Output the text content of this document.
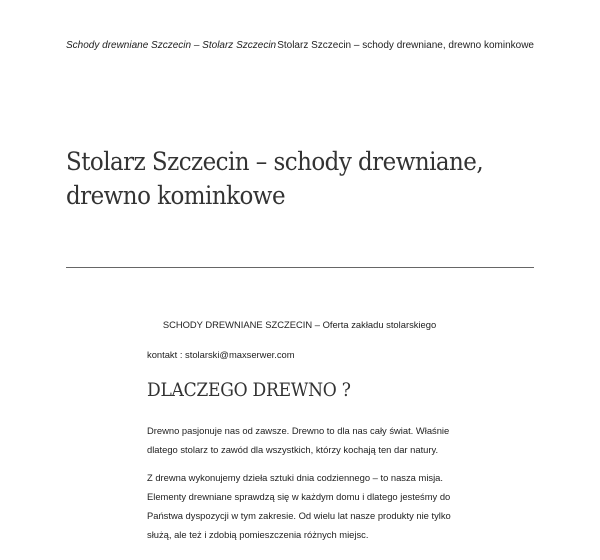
Schody drewniane Szczecin – Stolarz Szczecin Stolarz Szczecin – schody drewniane, drewno kominkowe
Stolarz Szczecin – schody drewniane, drewno kominkowe
SCHODY DREWNIANE SZCZECIN – Oferta zakładu stolarskiego
kontakt : stolarski@maxserwer.com
DLACZEGO DREWNO ?

Drewno pasjonuje nas od zawsze. Drewno to dla nas cały świat. Właśnie dlatego stolarz to zawód dla wszystkich, którzy kochają ten dar natury.

Z drewna wykonujemy dzieła sztuki dnia codziennego – to nasza misja. Elementy drewniane sprawdzą się w każdym domu i dlatego jesteśmy do Państwa dyspozycji w tym zakresie. Od wielu lat nasze produkty nie tylko służą, ale też i zdobią pomieszczenia różnych miejsc.
